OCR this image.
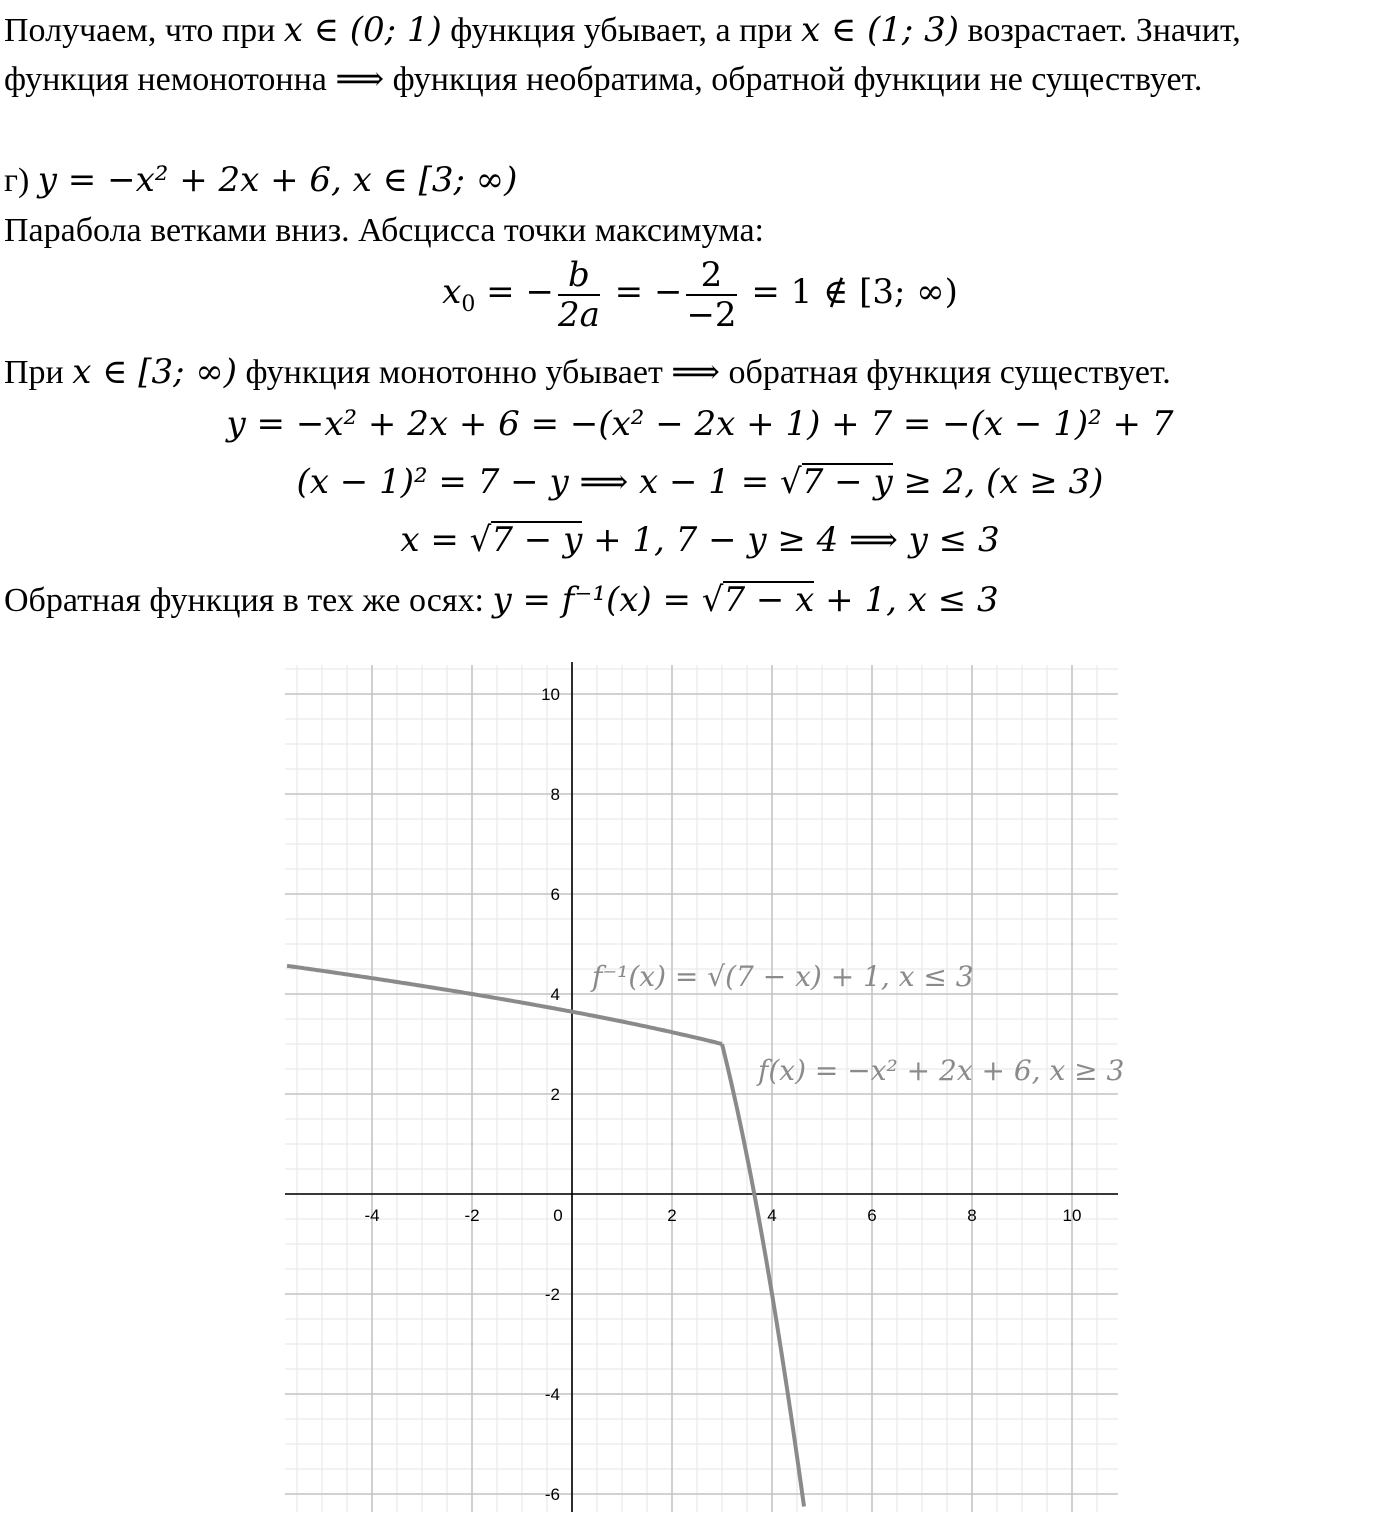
Получаем, что при x ∈ (0; 1) функция убывает, а при x ∈ (1; 3) возрастает. Значит,
функция немонотонна ⟹ функция необратима, обратной функции не существует.
г) y = −x² + 2x + 6, x ∈ [3; ∞)
Парабола ветками вниз. Абсцисса точки максимума:
$x_0$ = − $\frac{b}{2a}$ = − $\frac{2}{-2} = 1$ ∉ [3; ∞)
При x ∈ [3; ∞) функция монотонно убывает ⟹ обратная функция существует.
y = −x² + 2x + 6 = −(x² − 2x + 1) + 7 = −(x − 1)² + 7
(x − 1)² = 7 − y ⟹ x − 1 = √7 − y ≥ 2, (x ≥ 3)
x = √7 − y + 1, 7 − y ≥ 4 ⟹ y ≤ 3
Обратная функция в тех же осях: y = f⁻¹(x) = √7 − x + 1, x ≤ 3
-4	-2	0	2	4	6	8	10
-6
-4
-2
2
4
6
8
10
f⁻¹(x) = √(7 − x) + 1, x ≤ 3
f(x) = −x² + 2x + 6, x ≥ 3
